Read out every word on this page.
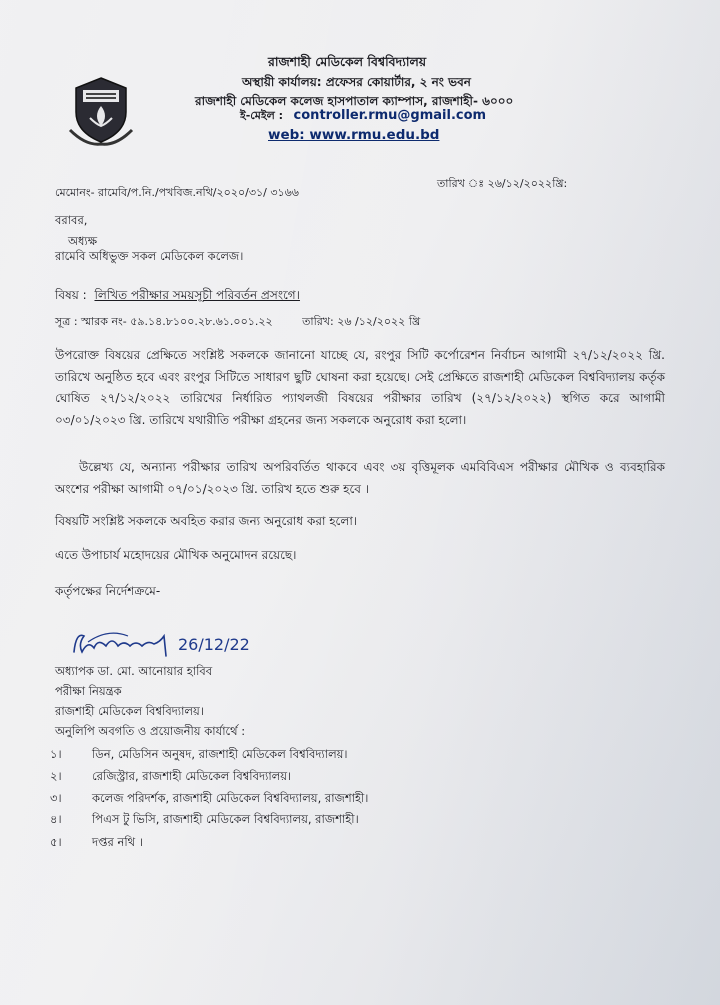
রাজশাহী মেডিকেল বিশ্ববিদ্যালয়
অস্থায়ী কার্যালয়: প্রফেসর কোয়ার্টার, ২ নং ভবন
রাজশাহী মেডিকেল কলেজ হাসপাতাল ক্যাম্পাস, রাজশাহী- ৬০০০
ই-মেইল : controller.rmu@gmail.com
web: www.rmu.edu.bd
তারিখ ঃ ২৬/১২/২০২২খ্রি:
মেমোনং- রামেবি/প.নি./পখবিজ.নথি/২০২০/৩১/ ৩১৬৬
বরাবর,
অধ্যক্ষ
রামেবি অধিভুক্ত সকল মেডিকেল কলেজ।
বিষয় : লিখিত পরীক্ষার সময়সূচী পরিবর্তন প্রসংগে।
সূত্র : স্মারক নং- ৫৯.১৪.৮১০০.২৮.৬১.০০১.২২	তারিখ: ২৬ /১২/২০২২ খ্রি
উপরোক্ত বিষয়ের প্রেক্ষিতে সংশ্লিষ্ট সকলকে জানানো যাচ্ছে যে, রংপুর সিটি কর্পোরেশন নির্বাচন আগামী ২৭/১২/২০২২ খ্রি. তারিখে অনুষ্ঠিত হবে এবং রংপুর সিটিতে সাধারণ ছুটি ঘোষনা করা হয়েছে। সেই প্রেক্ষিতে রাজশাহী মেডিকেল বিশ্ববিদ্যালয় কর্তৃক ঘোষিত ২৭/১২/২০২২ তারিখের নির্ধারিত প্যাথলজী বিষয়ের পরীক্ষার তারিখ (২৭/১২/২০২২) স্থগিত করে আগামী ০৩/০১/২০২৩ খ্রি. তারিখে যথারীতি পরীক্ষা গ্রহনের জন্য সকলকে অনুরোধ করা হলো।
উল্লেখ্য যে, অন্যান্য পরীক্ষার তারিখ অপরিবর্তিত থাকবে এবং ৩য় বৃত্তিমূলক এমবিবিএস পরীক্ষার মৌখিক ও ব্যবহারিক অংশের পরীক্ষা আগামী ০৭/০১/২০২৩ খ্রি. তারিখ হতে শুরু হবে ।
বিষয়টি সংশ্লিষ্ট সকলকে অবহিত করার জন্য অনুরোধ করা হলো।
এতে উপাচার্য মহোদয়ের মৌখিক অনুমোদন রয়েছে।
কর্তৃপক্ষের নির্দেশক্রমে-
26/12/22
অধ্যাপক ডা. মো. আনোয়ার হাবিব
পরীক্ষা নিয়ন্ত্রক
রাজশাহী মেডিকেল বিশ্ববিদ্যালয়।
অনুলিপি অবগতি ও প্রয়োজনীয় কার্যার্থে :
১।	ডিন, মেডিসিন অনুষদ, রাজশাহী মেডিকেল বিশ্ববিদ্যালয়।
২।	রেজিস্ট্রার, রাজশাহী মেডিকেল বিশ্ববিদ্যালয়।
৩।	কলেজ পরিদর্শক, রাজশাহী মেডিকেল বিশ্ববিদ্যালয়, রাজশাহী।
৪।	পিএস টু ভিসি, রাজশাহী মেডিকেল বিশ্ববিদ্যালয়, রাজশাহী।
৫।	দপ্তর নথি ।
